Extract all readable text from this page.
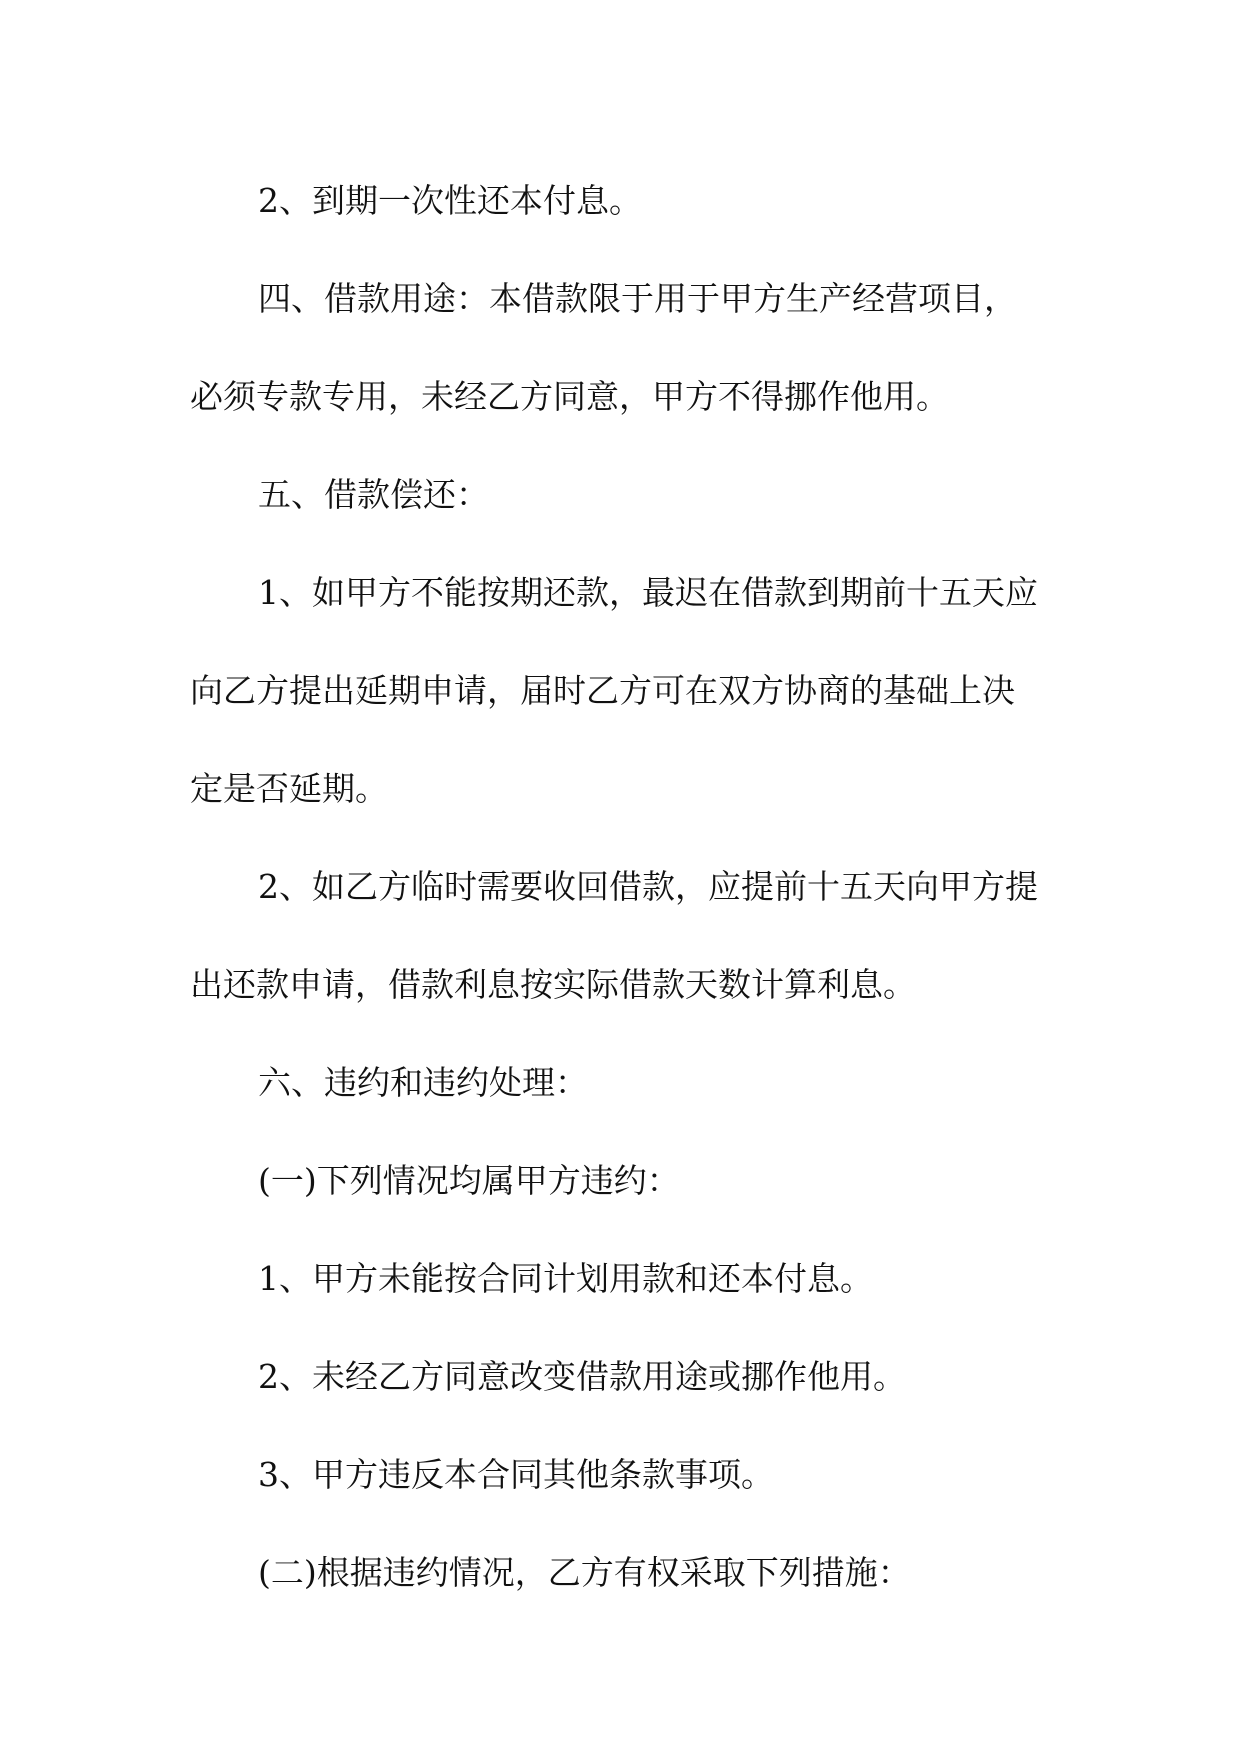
2、到期一次性还本付息。
四、借款用途：本借款限于用于甲方生产经营项目，
必须专款专用，未经乙方同意，甲方不得挪作他用。
五、借款偿还：
1、如甲方不能按期还款，最迟在借款到期前十五天应
向乙方提出延期申请，届时乙方可在双方协商的基础上决
定是否延期。
2、如乙方临时需要收回借款，应提前十五天向甲方提
出还款申请，借款利息按实际借款天数计算利息。
六、违约和违约处理：
(一)下列情况均属甲方违约：
1、甲方未能按合同计划用款和还本付息。
2、未经乙方同意改变借款用途或挪作他用。
3、甲方违反本合同其他条款事项。
(二)根据违约情况，乙方有权采取下列措施：
